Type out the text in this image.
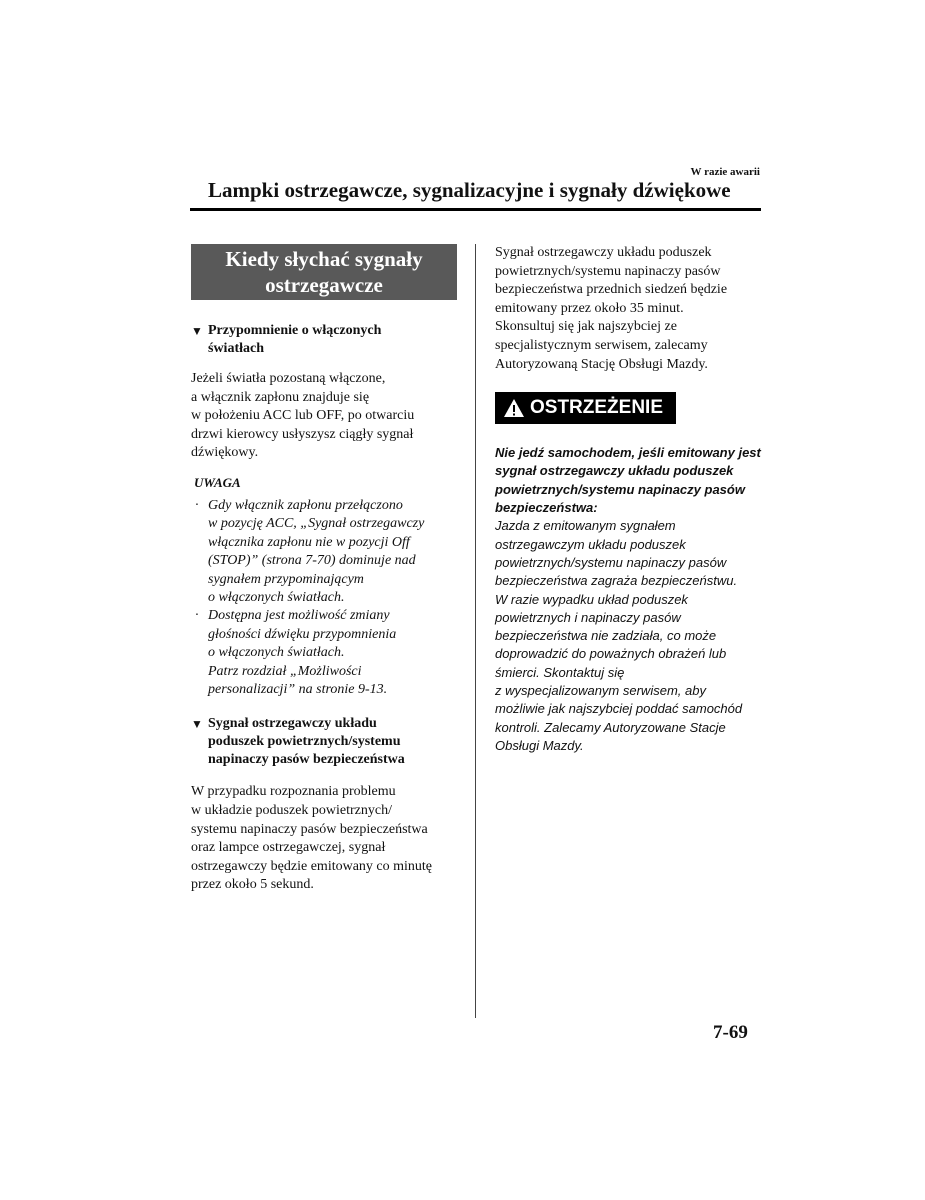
W razie awarii
Lampki ostrzegawcze, sygnalizacyjne i sygnały dźwiękowe
Kiedy słychać sygnały
ostrzegawcze
▼ Przypomnienie o włączonych
światłach

Jeżeli światła pozostaną włączone,
a włącznik zapłonu znajduje się
w położeniu ACC lub OFF, po otwarciu
drzwi kierowcy usłyszysz ciągły sygnał
dźwiękowy.

UWAGA
· Gdy włącznik zapłonu przełączono
w pozycję ACC, „Sygnał ostrzegawczy
włącznika zapłonu nie w pozycji Off
(STOP)” (strona 7-70) dominuje nad
sygnałem przypominającym
o włączonych światłach.
· Dostępna jest możliwość zmiany
głośności dźwięku przypomnienia
o włączonych światłach.
Patrz rozdział „Możliwości
personalizacji” na stronie 9-13.
▼ Sygnał ostrzegawczy układu
poduszek powietrznych/systemu
napinaczy pasów bezpieczeństwa

W przypadku rozpoznania problemu
w układzie poduszek powietrznych/
systemu napinaczy pasów bezpieczeństwa
oraz lampce ostrzegawczej, sygnał
ostrzegawczy będzie emitowany co minutę
przez około 5 sekund.

Sygnał ostrzegawczy układu poduszek
powietrznych/systemu napinaczy pasów
bezpieczeństwa przednich siedzeń będzie
emitowany przez około 35 minut.
Skonsultuj się jak najszybciej ze
specjalistycznym serwisem, zalecamy
Autoryzowaną Stację Obsługi Mazdy.

OSTRZEŻENIE
Nie jedź samochodem, jeśli emitowany jest
sygnał ostrzegawczy układu poduszek
powietrznych/systemu napinaczy pasów
bezpieczeństwa:
Jazda z emitowanym sygnałem
ostrzegawczym układu poduszek
powietrznych/systemu napinaczy pasów
bezpieczeństwa zagraża bezpieczeństwu.
W razie wypadku układ poduszek
powietrznych i napinaczy pasów
bezpieczeństwa nie zadziała, co może
doprowadzić do poważnych obrażeń lub
śmierci. Skontaktuj się
z wyspecjalizowanym serwisem, aby
możliwie jak najszybciej poddać samochód
kontroli. Zalecamy Autoryzowane Stacje
Obsługi Mazdy.
7-69
